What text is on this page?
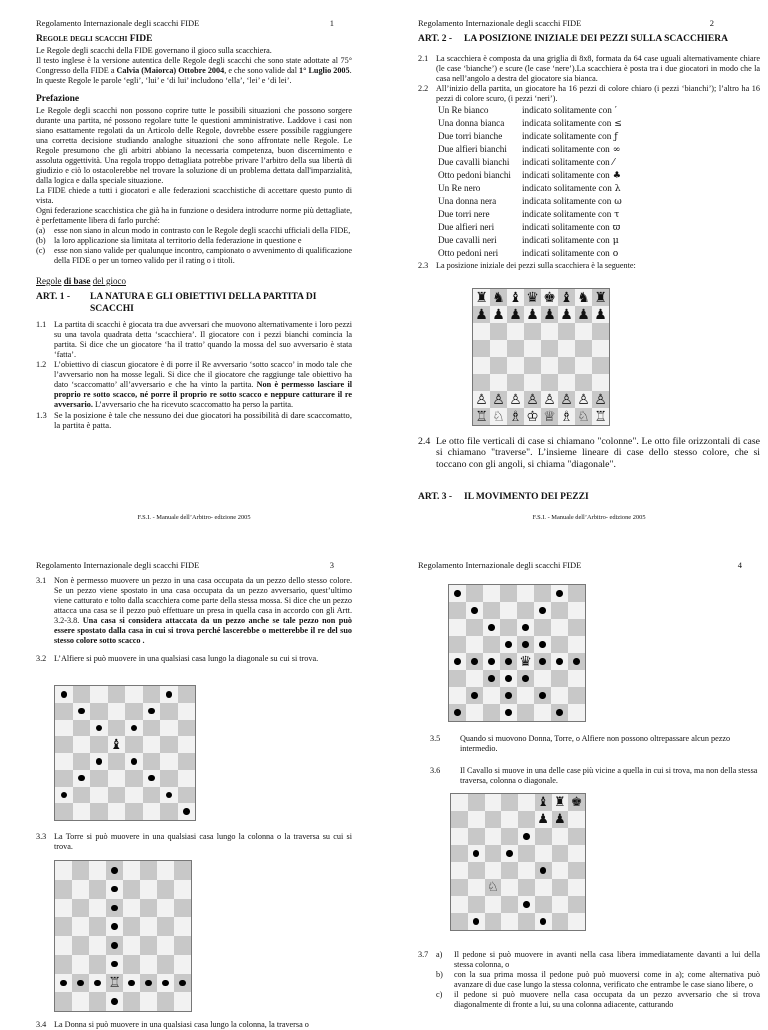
Regolamento Internazionale degli scacchi FIDE	1

Regole degli scacchi FIDE

Le Regole degli scacchi della FIDE governano il gioco sulla scacchiera.

Il testo inglese è la versione autentica delle Regole degli scacchi che sono state adottate al 75° Congresso della FIDE a Calvia (Maiorca) Ottobre 2004, e che sono valide dal 1° Luglio 2005.

In queste Regole le parole ‘egli’, ‘lui’ e ‘di lui’ includono ‘ella’, ‘lei’ e ‘di lei’.

Prefazione

Le Regole degli scacchi non possono coprire tutte le possibili situazioni che possono sorgere durante una partita, né possono regolare tutte le questioni amministrative. Laddove i casi non siano esattamente regolati da un Articolo delle Regole, dovrebbe essere possibile raggiungere una corretta decisione studiando analoghe situazioni che sono affrontate nelle Regole. Le Regole presumono che gli arbitri abbiano la necessaria competenza, buon discernimento e assoluta oggettività. Una regola troppo dettagliata potrebbe privare l’arbitro della sua libertà di giudizio e ciò lo ostacolerebbe nel trovare la soluzione di un problema dettata dall'imparzialità, dalla logica e dalla speciale situazione.

La FIDE chiede a tutti i giocatori e alle federazioni scacchistiche di accettare questo punto di vista.

Ogni federazione scacchistica che già ha in funzione o desidera introdurre norme più dettagliate, è perfettamente libera di farlo purché:

(a)	esse non siano in alcun modo in contrasto con le Regole degli scacchi ufficiali della FIDE,
(b)	la loro applicazione sia limitata al territorio della federazione in questione e
(c)	esse non siano valide per qualunque incontro, campionato o avvenimento di qualificazione della FIDE o per un torneo valido per il rating o i titoli.

Regole di base del gioco

ART. 1 -	LA NATURA E GLI OBIETTIVI DELLA PARTITA DI SCACCHI
1.1 La partita di scacchi è giocata tra due avversari che muovono alternativamente i loro pezzi su una tavola quadrata detta ‘scacchiera’. Il giocatore con i pezzi bianchi comincia la partita. Si dice che un giocatore ‘ha il tratto’ quando la mossa del suo avversario è stata ‘fatta’.
1.2 L’obiettivo di ciascun giocatore è di porre il Re avversario ‘sotto scacco’ in modo tale che l’avversario non ha mosse legali. Si dice che il giocatore che raggiunge tale obiettivo ha dato ‘scaccomatto’ all’avversario e che ha vinto la partita. Non è permesso lasciare il proprio re sotto scacco, né porre il proprio re sotto scacco e neppure catturare il re avversario. L’avversario che ha ricevuto scaccomatto ha perso la partita.
1.3 Se la posizione è tale che nessuno dei due giocatori ha possibilità di dare scaccomatto, la partita è patta.
F.S.I. - Manuale dell’Arbitro- edizione 2005
Regolamento Internazionale degli scacchi FIDE	2
ART. 2 -	LA POSIZIONE INIZIALE DEI PEZZI SULLA SCACCHIERA
2.1 La scacchiera è composta da una griglia di 8x8, formata da 64 case uguali alternativamente chiare (le case ‘bianche’) e scure (le case ‘nere’).La scacchiera è posta tra i due giocatori in modo che la casa nell’angolo a destra del giocatore sia bianca.
2.2 All’inizio della partita, un giocatore ha 16 pezzi di colore chiaro (i pezzi ‘bianchi’); l’altro ha 16 pezzi di colore scuro, (i pezzi ‘neri’).
Un Re bianco	indicato solitamente con ′
Una donna bianca	indicata solitamente con ≤
Due torri bianche	indicate solitamente con ƒ
Due alfieri bianchi	indicati solitamente con ∞
Due cavalli bianchi	indicati solitamente con ⁄
Otto pedoni bianchi	indicati solitamente con ♣
Un Re nero	indicato solitamente con λ
Una donna nera	indicata solitamente con ω
Due torri nere	indicate solitamente con τ
Due alfieri neri	indicati solitamente con ϖ
Due cavalli neri	indicati solitamente con μ
Otto pedoni neri	indicati solitamente con ο
2.3 La posizione iniziale dei pezzi sulla scacchiera è la seguente:
♜ ♞ ♝ ♛ ♚ ♝ ♞ ♜
♟ ♟ ♟ ♟ ♟ ♟ ♟ ♟
♙ ♙ ♙ ♙ ♙ ♙ ♙ ♙
♖ ♘ ♗ ♔ ♕ ♗ ♘ ♖
2.4 Le otto file verticali di case si chiamano "colonne". Le otto file orizzontali di case si chiamano "traverse". L’insieme lineare di case dello stesso colore, che si toccano con gli angoli, si chiama "diagonale".
ART. 3 -	IL MOVIMENTO DEI PEZZI
F.S.I. - Manuale dell’Arbitro- edizione 2005
Regolamento Internazionale degli scacchi FIDE	3
3.1 Non è permesso muovere un pezzo in una casa occupata da un pezzo dello stesso colore. Se un pezzo viene spostato in una casa occupata da un pezzo avversario, quest’ultimo viene catturato e tolto dalla scacchiera come parte della stessa mossa. Si dice che un pezzo attacca una casa se il pezzo può effettuare un presa in quella casa in accordo con gli Artt. 3.2-3.8. Una casa si considera attaccata da un pezzo anche se tale pezzo non può essere spostato dalla casa in cui si trova perché lascerebbe o metterebbe il re del suo stesso colore sotto scacco .
3.2 L’Alfiere si può muovere in una qualsiasi casa lungo la diagonale su cui si trova.
♝
3.3 La Torre si può muovere in una qualsiasi casa lungo la colonna o la traversa su cui si trova.
♖
3.4 La Donna si può muovere in una qualsiasi casa lungo la colonna, la traversa o
Regolamento Internazionale degli scacchi FIDE	4
♛
3.5	Quando si muovono Donna, Torre, o Alfiere non possono oltrepassare alcun pezzo intermedio.
3.6	Il Cavallo si muove in una delle case più vicine a quella in cui si trova, ma non della stessa traversa, colonna o diagonale.
♝ ♜ ♚
♟ ♟
♘
3.7 a)	Il pedone si può muovere in avanti nella casa libera immediatamente davanti a lui della stessa colonna, o
b)	con la sua prima mossa il pedone può può muoversi come in a); come alternativa può avanzare di due case lungo la stessa colonna, verificato che entrambe le case siano libere, o
c)	il pedone si può muovere nella casa occupata da un pezzo avversario che si trova diagonalmente di fronte a lui, su una colonna adiacente, catturando
